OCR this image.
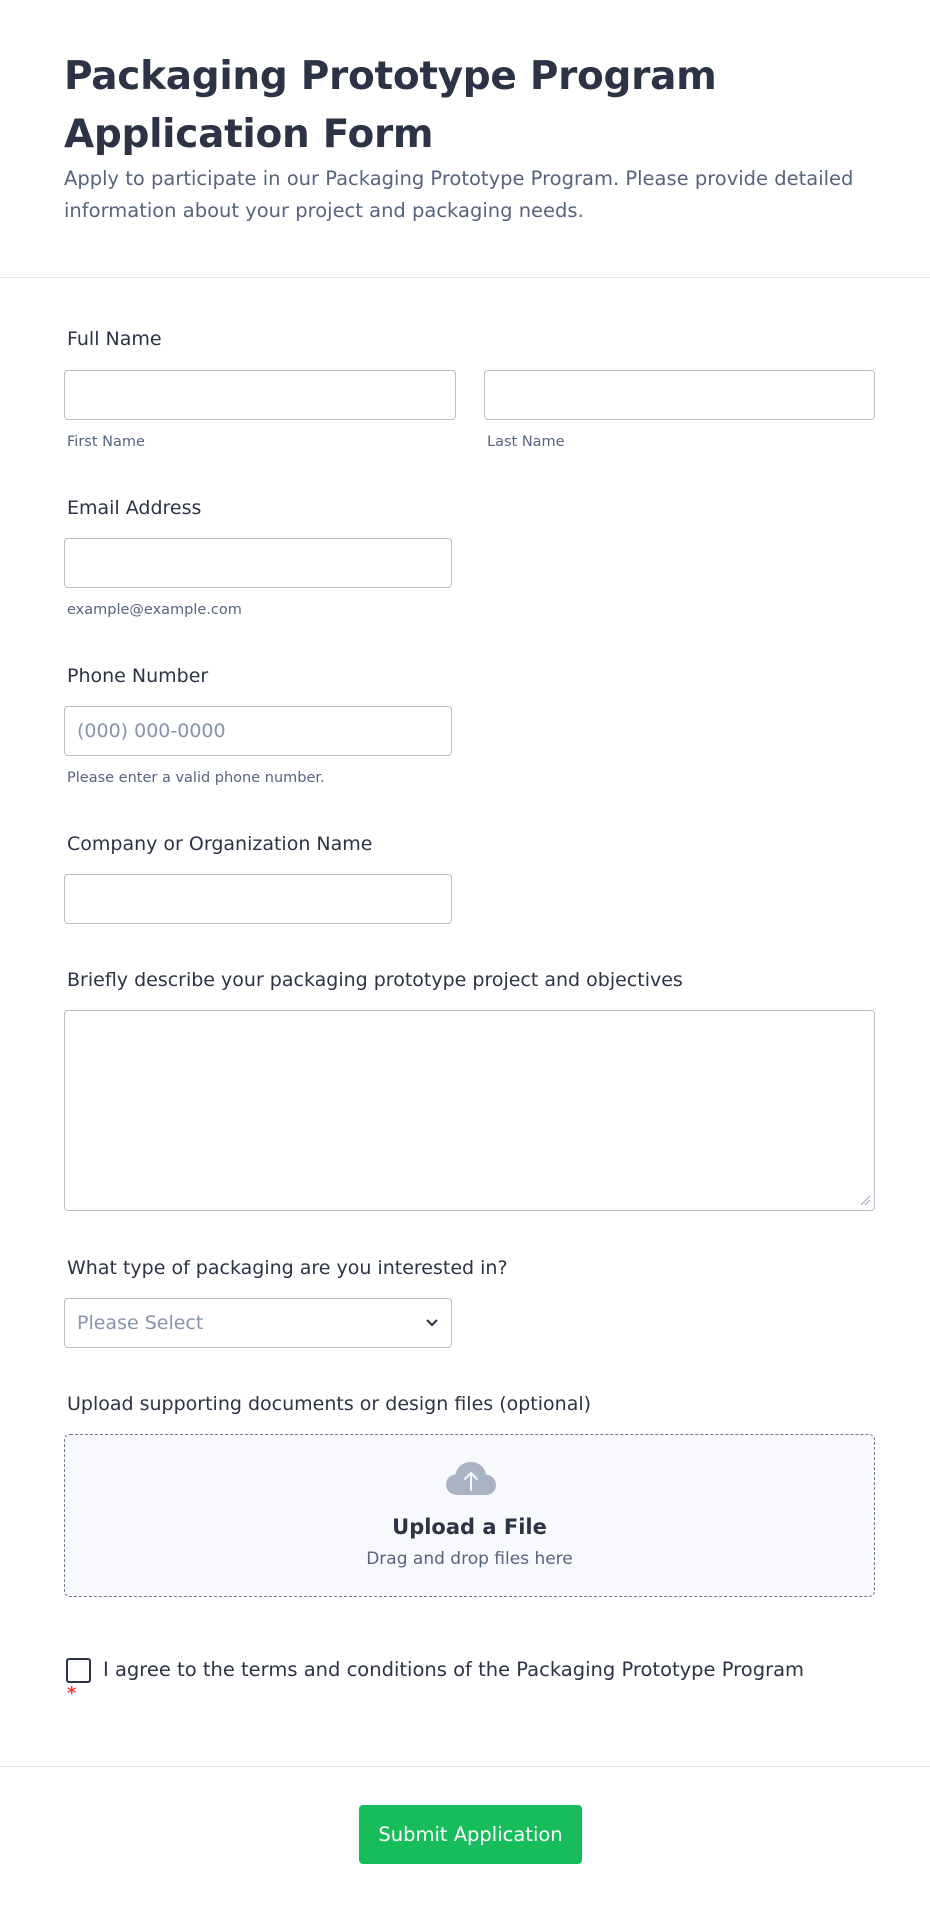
Packaging Prototype Program Application Form

Apply to participate in our Packaging Prototype Program. Please provide detailed information about your project and packaging needs.

Full Name
First Name	Last Name
Email Address
example@example.com
Phone Number
(000) 000-0000
Please enter a valid phone number.
Company or Organization Name
Briefly describe your packaging prototype project and objectives
What type of packaging are you interested in?
Please Select
Upload supporting documents or design files (optional)
Upload a File
Drag and drop files here
I agree to the terms and conditions of the Packaging Prototype Program
*
Submit Application
